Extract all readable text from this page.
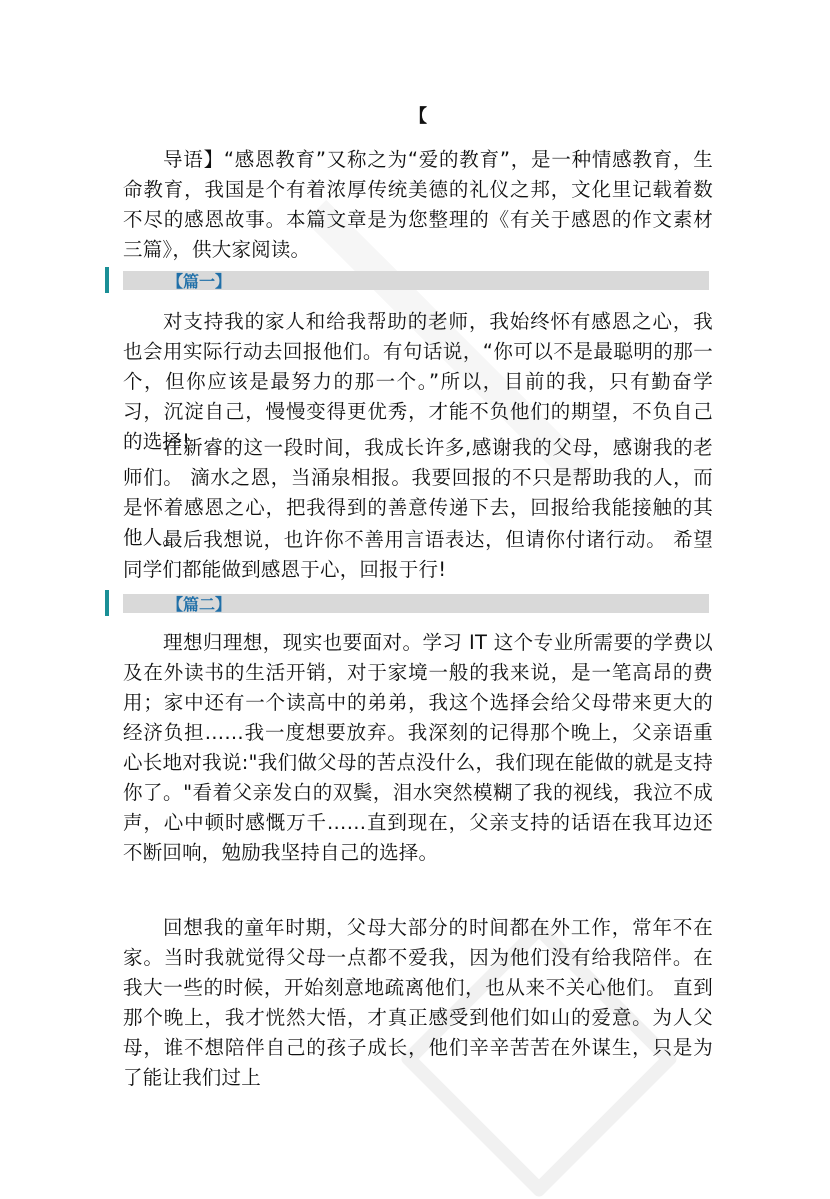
【

导语】“感恩教育”又称之为“爱的教育”，是一种情感教育，生命教育，我国是个有着浓厚传统美德的礼仪之邦，文化里记载着数不尽的感恩故事。本篇文章是为您整理的《有关于感恩的作文素材三篇》，供大家阅读。

【篇一】

对支持我的家人和给我帮助的老师，我始终怀有感恩之心，我也会用实际行动去回报他们。有句话说，“你可以不是最聪明的那一个，但你应该是最努力的那一个。”所以，目前的我，只有勤奋学习，沉淀自己，慢慢变得更优秀，才能不负他们的期望，不负自己的选择!

在新睿的这一段时间，我成长许多,感谢我的父母，感谢我的老师们。 滴水之恩，当涌泉相报。我要回报的不只是帮助我的人，而是怀着感恩之心，把我得到的善意传递下去，回报给我能接触的其他人。

最后我想说，也许你不善用言语表达，但请你付诸行动。 希望同学们都能做到感恩于心，回报于行!

【篇二】

理想归理想，现实也要面对。学习 IT 这个专业所需要的学费以及在外读书的生活开销，对于家境一般的我来说，是一笔高昂的费用；家中还有一个读高中的弟弟，我这个选择会给父母带来更大的经济负担……我一度想要放弃。我深刻的记得那个晚上，父亲语重心长地对我说:"我们做父母的苦点没什么，我们现在能做的就是支持你了。"看着父亲发白的双鬓，泪水突然模糊了我的视线，我泣不成声，心中顿时感慨万千……直到现在，父亲支持的话语在我耳边还不断回响，勉励我坚持自己的选择。

回想我的童年时期，父母大部分的时间都在外工作，常年不在家。当时我就觉得父母一点都不爱我，因为他们没有给我陪伴。在我大一些的时候，开始刻意地疏离他们，也从来不关心他们。 直到那个晚上，我才恍然大悟，才真正感受到他们如山的爱意。为人父母，谁不想陪伴自己的孩子成长，他们辛辛苦苦在外谋生，只是为了能让我们过上
